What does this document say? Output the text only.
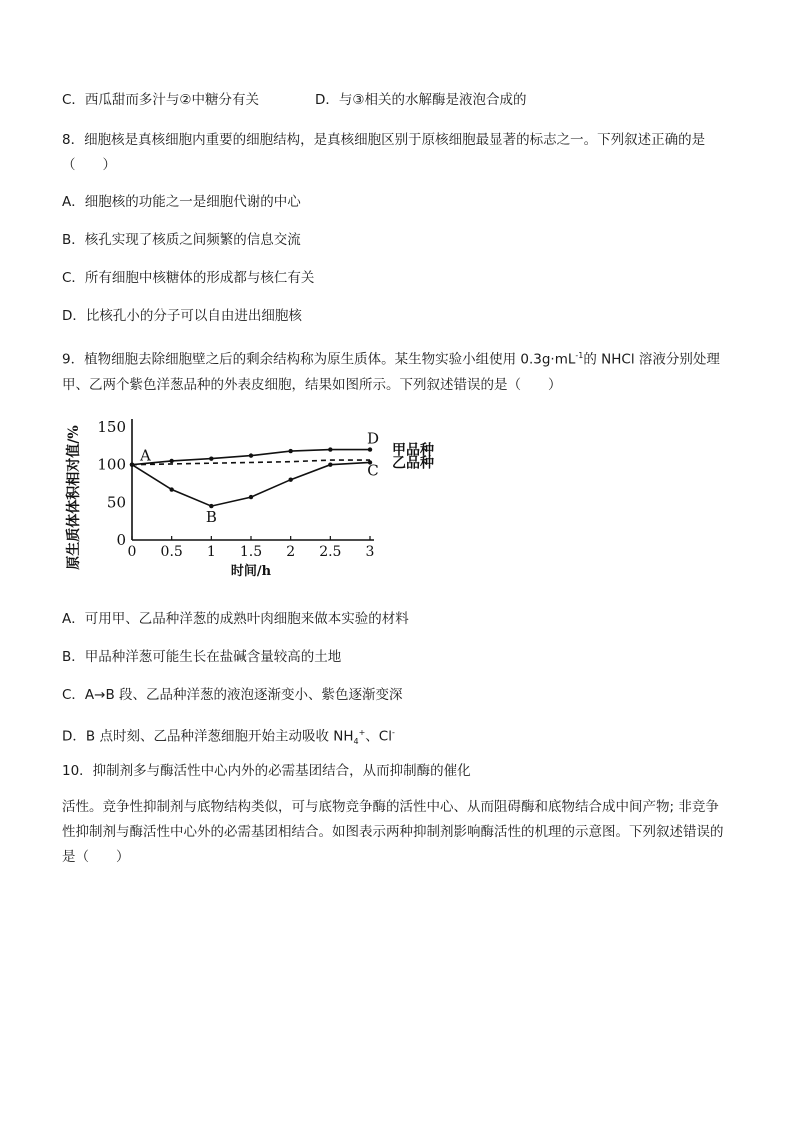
C．西瓜甜而多汁与②中糖分有关	D．与③相关的水解酶是液泡合成的
8．细胞核是真核细胞内重要的细胞结构，是真核细胞区别于原核细胞最显著的标志之一。下列叙述正确的是（　　）
A．细胞核的功能之一是细胞代谢的中心
B．核孔实现了核质之间频繁的信息交流
C．所有细胞中核糖体的形成都与核仁有关
D．比核孔小的分子可以自由进出细胞核
9．植物细胞去除细胞壁之后的剩余结构称为原生质体。某生物实验小组使用 $0.3g\cdot mL^{-1}$的 NHCl 溶液分别处理甲、乙两个紫色洋葱品种的外表皮细胞，结果如图所示。下列叙述错误的是（　　）
0
50
100
150
0 0.5 1 1.5 2 2.5 3
时间/h
原生质体体积相对值/%	甲品种
乙品种
A
B
C
D
A．可用甲、乙品种洋葱的成熟叶肉细胞来做本实验的材料
B．甲品种洋葱可能生长在盐碱含量较高的土地
C．A→B 段、乙品种洋葱的液泡逐渐变小、紫色逐渐变深
D．B 点时刻、乙品种洋葱细胞开始主动吸收 $NH_4^+$、Cl-
10．抑制剂多与酶活性中心内外的必需基团结合，从而抑制酶的催化
活性。竞争性抑制剂与底物结构类似，可与底物竞争酶的活性中心、从而阻碍酶和底物结合成中间产物; 非竞争性抑制剂与酶活性中心外的必需基团相结合。如图表示两种抑制剂影响酶活性的机理的示意图。下列叙述错误的是（　　）
